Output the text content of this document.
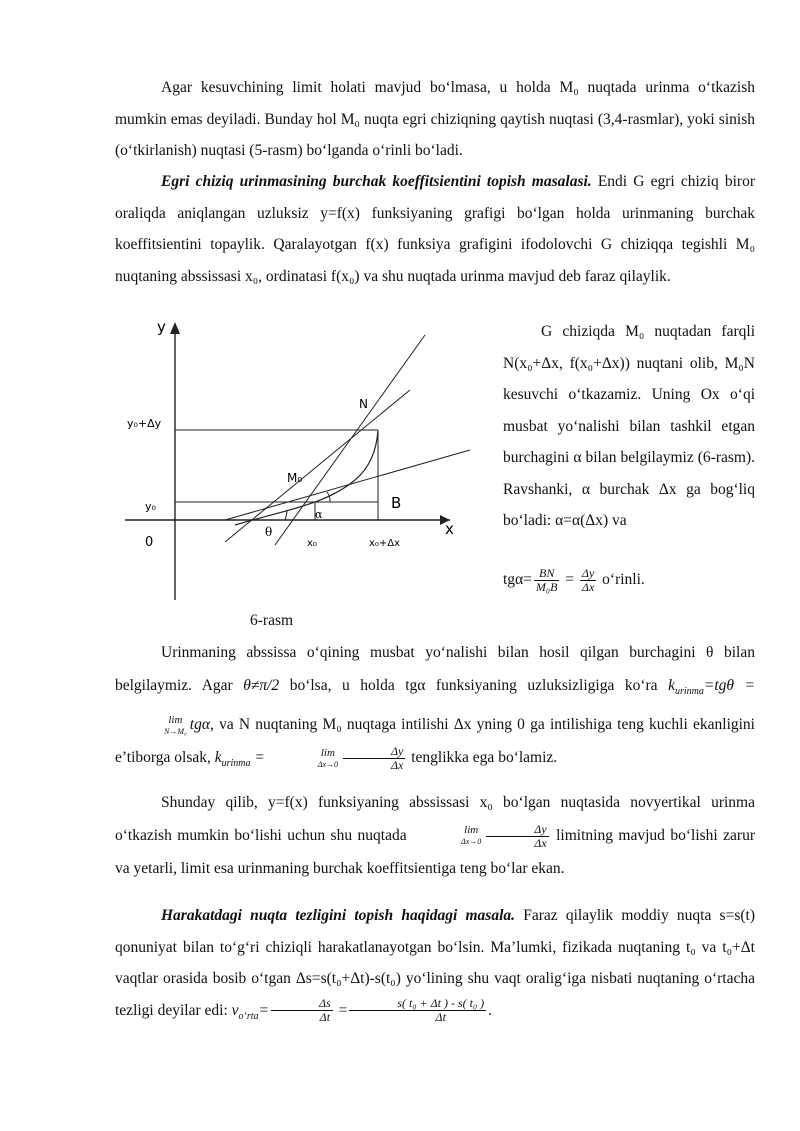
Agar kesuvchining limit holati mavjud bo‘lmasa, u holda M₀ nuqtada urinma o‘tkazish mumkin emas deyiladi. Bunday hol M₀ nuqta egri chiziqning qaytish nuqtasi (3,4-rasmlar), yoki sinish (o‘tkirlanish) nuqtasi (5-rasm) bo‘lganda o‘rinli bo‘ladi.
Egri chiziq urinmasining burchak koeffitsientini topish masalasi. Endi G egri chiziq biror oraliqda aniqlangan uzluksiz y=f(x) funksiyaning grafigi bo‘lgan holda urinmaning burchak koeffitsientini topaylik. Qaralayotgan f(x) funksiya grafigini ifodolovchi G chiziqqa tegishli M₀ nuqtaning abssissasi x₀, ordinatasi f(x₀) va shu nuqtada urinma mavjud deb faraz qilaylik.
y
x
0
y₀+Δy
y₀
N
M₀
B
θ
α
x₀	x₀+Δx
6-rasm
G chiziqda M₀ nuqtadan farqli N(x₀+Δx, f(x₀+Δx)) nuqtani olib, M₀N kesuvchi o‘tkazamiz. Uning Ox o‘qi musbat yo‘nalishi bilan tashkil etgan burchagini α bilan belgilaymiz (6-rasm). Ravshanki, α burchak Δx ga bog‘liq bo‘ladi: α=α(Δx) va
$tg\alpha= \frac{BN}{\text{M₀B}} = \frac{\Delta y}{\Delta x}$ o‘rinli.
Urinmaning abssissa o‘qining musbat yo‘nalishi bilan hosil qilgan burchagini θ bilan belgilaymiz. Agar θ≠π/2 bo‘lsa, u holda tgα funksiyaning uzluksizligiga ko‘ra $k_{urinma}=tg\theta =\lim$
N→M₀ tgα, va N nuqtaning M₀ nuqtaga intilishi Δx yning 0 ga intilishiga teng kuchli ekanligini e’tiborga olsak, $k_{urinma}$ =	lim
$\Delta x\to 0 \frac{\Delta y}{\Delta x}$ tenglikka ega bo‘lamiz.
Shunday qilib, y=f(x) funksiyaning abssissasi x₀ bo‘lgan nuqtasida novyertikal urinma o‘tkazish mumkin bo‘lishi uchun shu nuqtada	lim
$\Delta x\to 0 \frac{\Delta y}{\Delta x}$ limitning mavjud bo‘lishi zarur va yetarli, limit esa urinmaning burchak koeffitsientiga teng bo‘lar ekan.
Harakatdagi nuqta tezligini topish haqidagi masala. Faraz qilaylik moddiy nuqta s=s(t) qonuniyat bilan to‘g‘ri chiziqli harakatlanayotgan bo‘lsin. Ma’lumki, fizikada nuqtaning t₀ va t₀+Δt vaqtlar orasida bosib o‘tgan Δs=s(t₀+Δt)-s(t₀) yo‘lining shu vaqt oralig‘iga nisbati nuqtaning o‘rtacha tezligi deyilar edi: $v_{o‘rta}= \frac{\Delta s}{\Delta t} = \frac{\text{s( t₀ + Δt ) - s( t₀ )}}{\Delta t}$ .
